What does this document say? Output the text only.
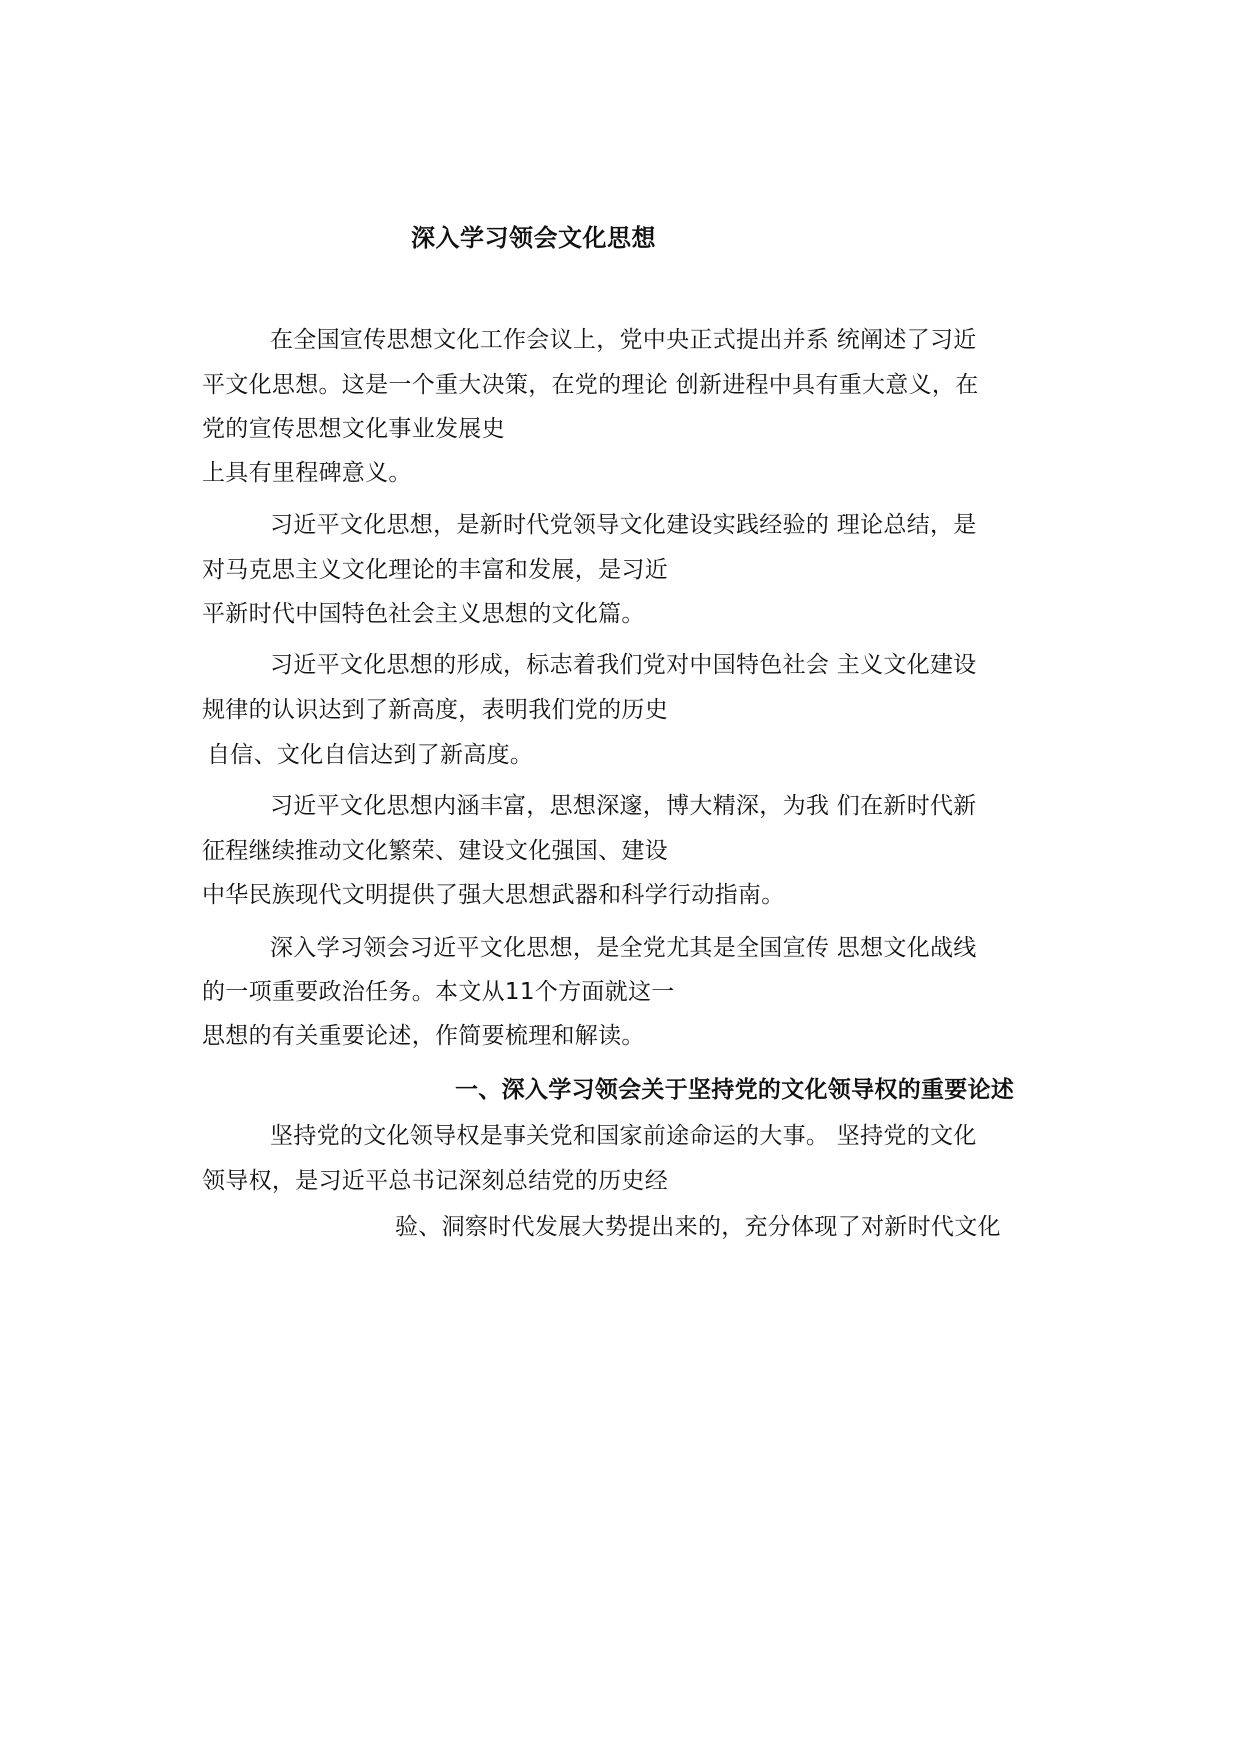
深入学习领会文化思想
在全国宣传思想文化工作会议上，党中央正式提出并系 统阐述了习近
平文化思想。这是一个重大决策，在党的理论 创新进程中具有重大意义，在
党的宣传思想文化事业发展史
上具有里程碑意义。
习近平文化思想，是新时代党领导文化建设实践经验的 理论总结，是
对马克思主义文化理论的丰富和发展，是习近
平新时代中国特色社会主义思想的文化篇。
习近平文化思想的形成，标志着我们党对中国特色社会 主义文化建设
规律的认识达到了新高度，表明我们党的历史
自信、文化自信达到了新高度。
习近平文化思想内涵丰富，思想深邃，博大精深，为我 们在新时代新
征程继续推动文化繁荣、建设文化强国、建设
中华民族现代文明提供了强大思想武器和科学行动指南。
深入学习领会习近平文化思想，是全党尤其是全国宣传 思想文化战线
的一项重要政治任务。本文从11个方面就这一
思想的有关重要论述，作简要梳理和解读。
一、深入学习领会关于坚持党的文化领导权的重要论述
坚持党的文化领导权是事关党和国家前途命运的大事。 坚持党的文化
领导权，是习近平总书记深刻总结党的历史经
验、洞察时代发展大势提出来的，充分体现了对新时代文化
